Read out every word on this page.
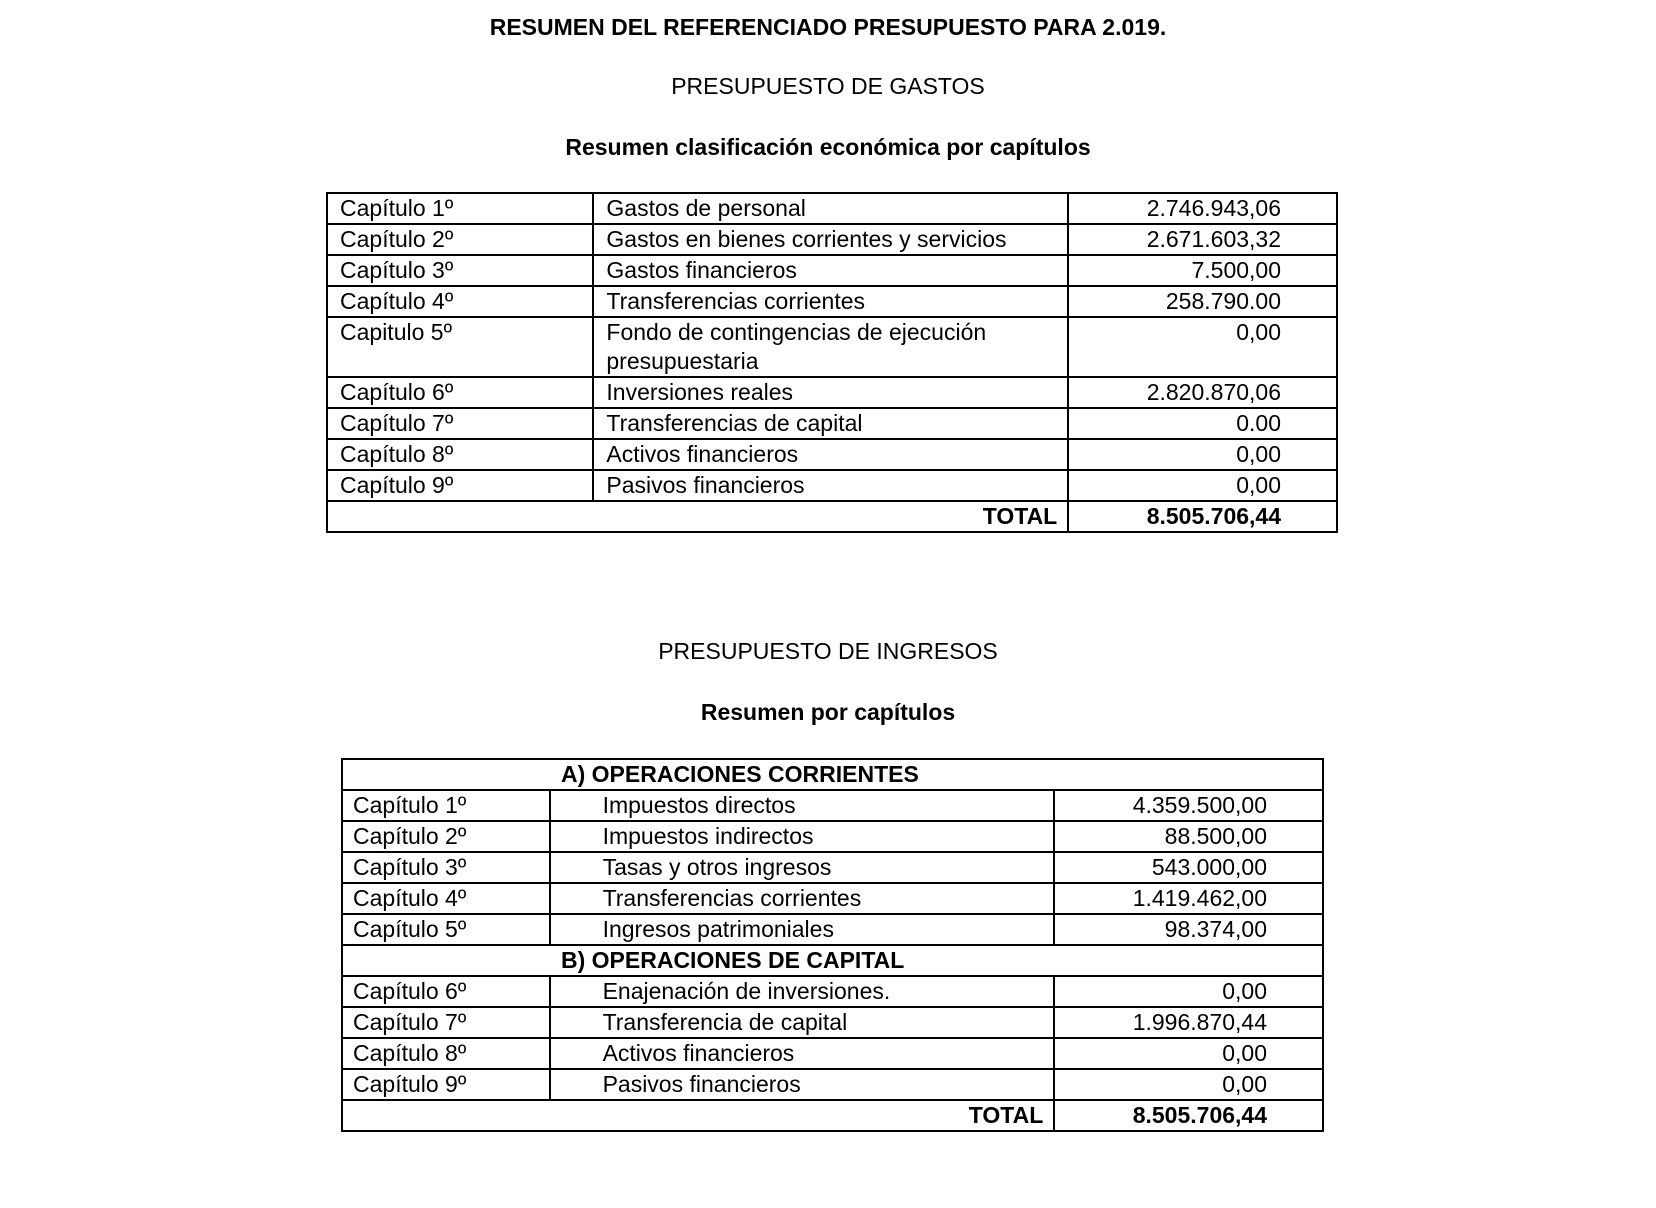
RESUMEN DEL REFERENCIADO PRESUPUESTO PARA 2.019.
PRESUPUESTO DE GASTOS
Resumen clasificación económica por capítulos
Capítulo 1º	Gastos de personal	2.746.943,06
Capítulo 2º	Gastos en bienes corrientes y servicios	2.671.603,32
Capítulo 3º	Gastos financieros	7.500,00
Capítulo 4º	Transferencias corrientes	258.790.00
Capitulo 5º	Fondo de contingencias de ejecución presupuestaria	0,00
Capítulo 6º	Inversiones reales	2.820.870,06
Capítulo 7º	Transferencias de capital	0.00
Capítulo 8º	Activos financieros	0,00
Capítulo 9º	Pasivos financieros	0,00
TOTAL		8.505.706,44
PRESUPUESTO DE INGRESOS
Resumen por capítulos
A) OPERACIONES CORRIENTES		
Capítulo 1º	Impuestos directos	4.359.500,00
Capítulo 2º	Impuestos indirectos	88.500,00
Capítulo 3º	Tasas y otros ingresos	543.000,00
Capítulo 4º	Transferencias corrientes	1.419.462,00
Capítulo 5º	Ingresos patrimoniales	98.374,00
B) OPERACIONES DE CAPITAL		
Capítulo 6º	Enajenación de inversiones.	0,00
Capítulo 7º	Transferencia de capital	1.996.870,44
Capítulo 8º	Activos financieros	0,00
Capítulo 9º	Pasivos financieros	0,00
TOTAL		8.505.706,44
